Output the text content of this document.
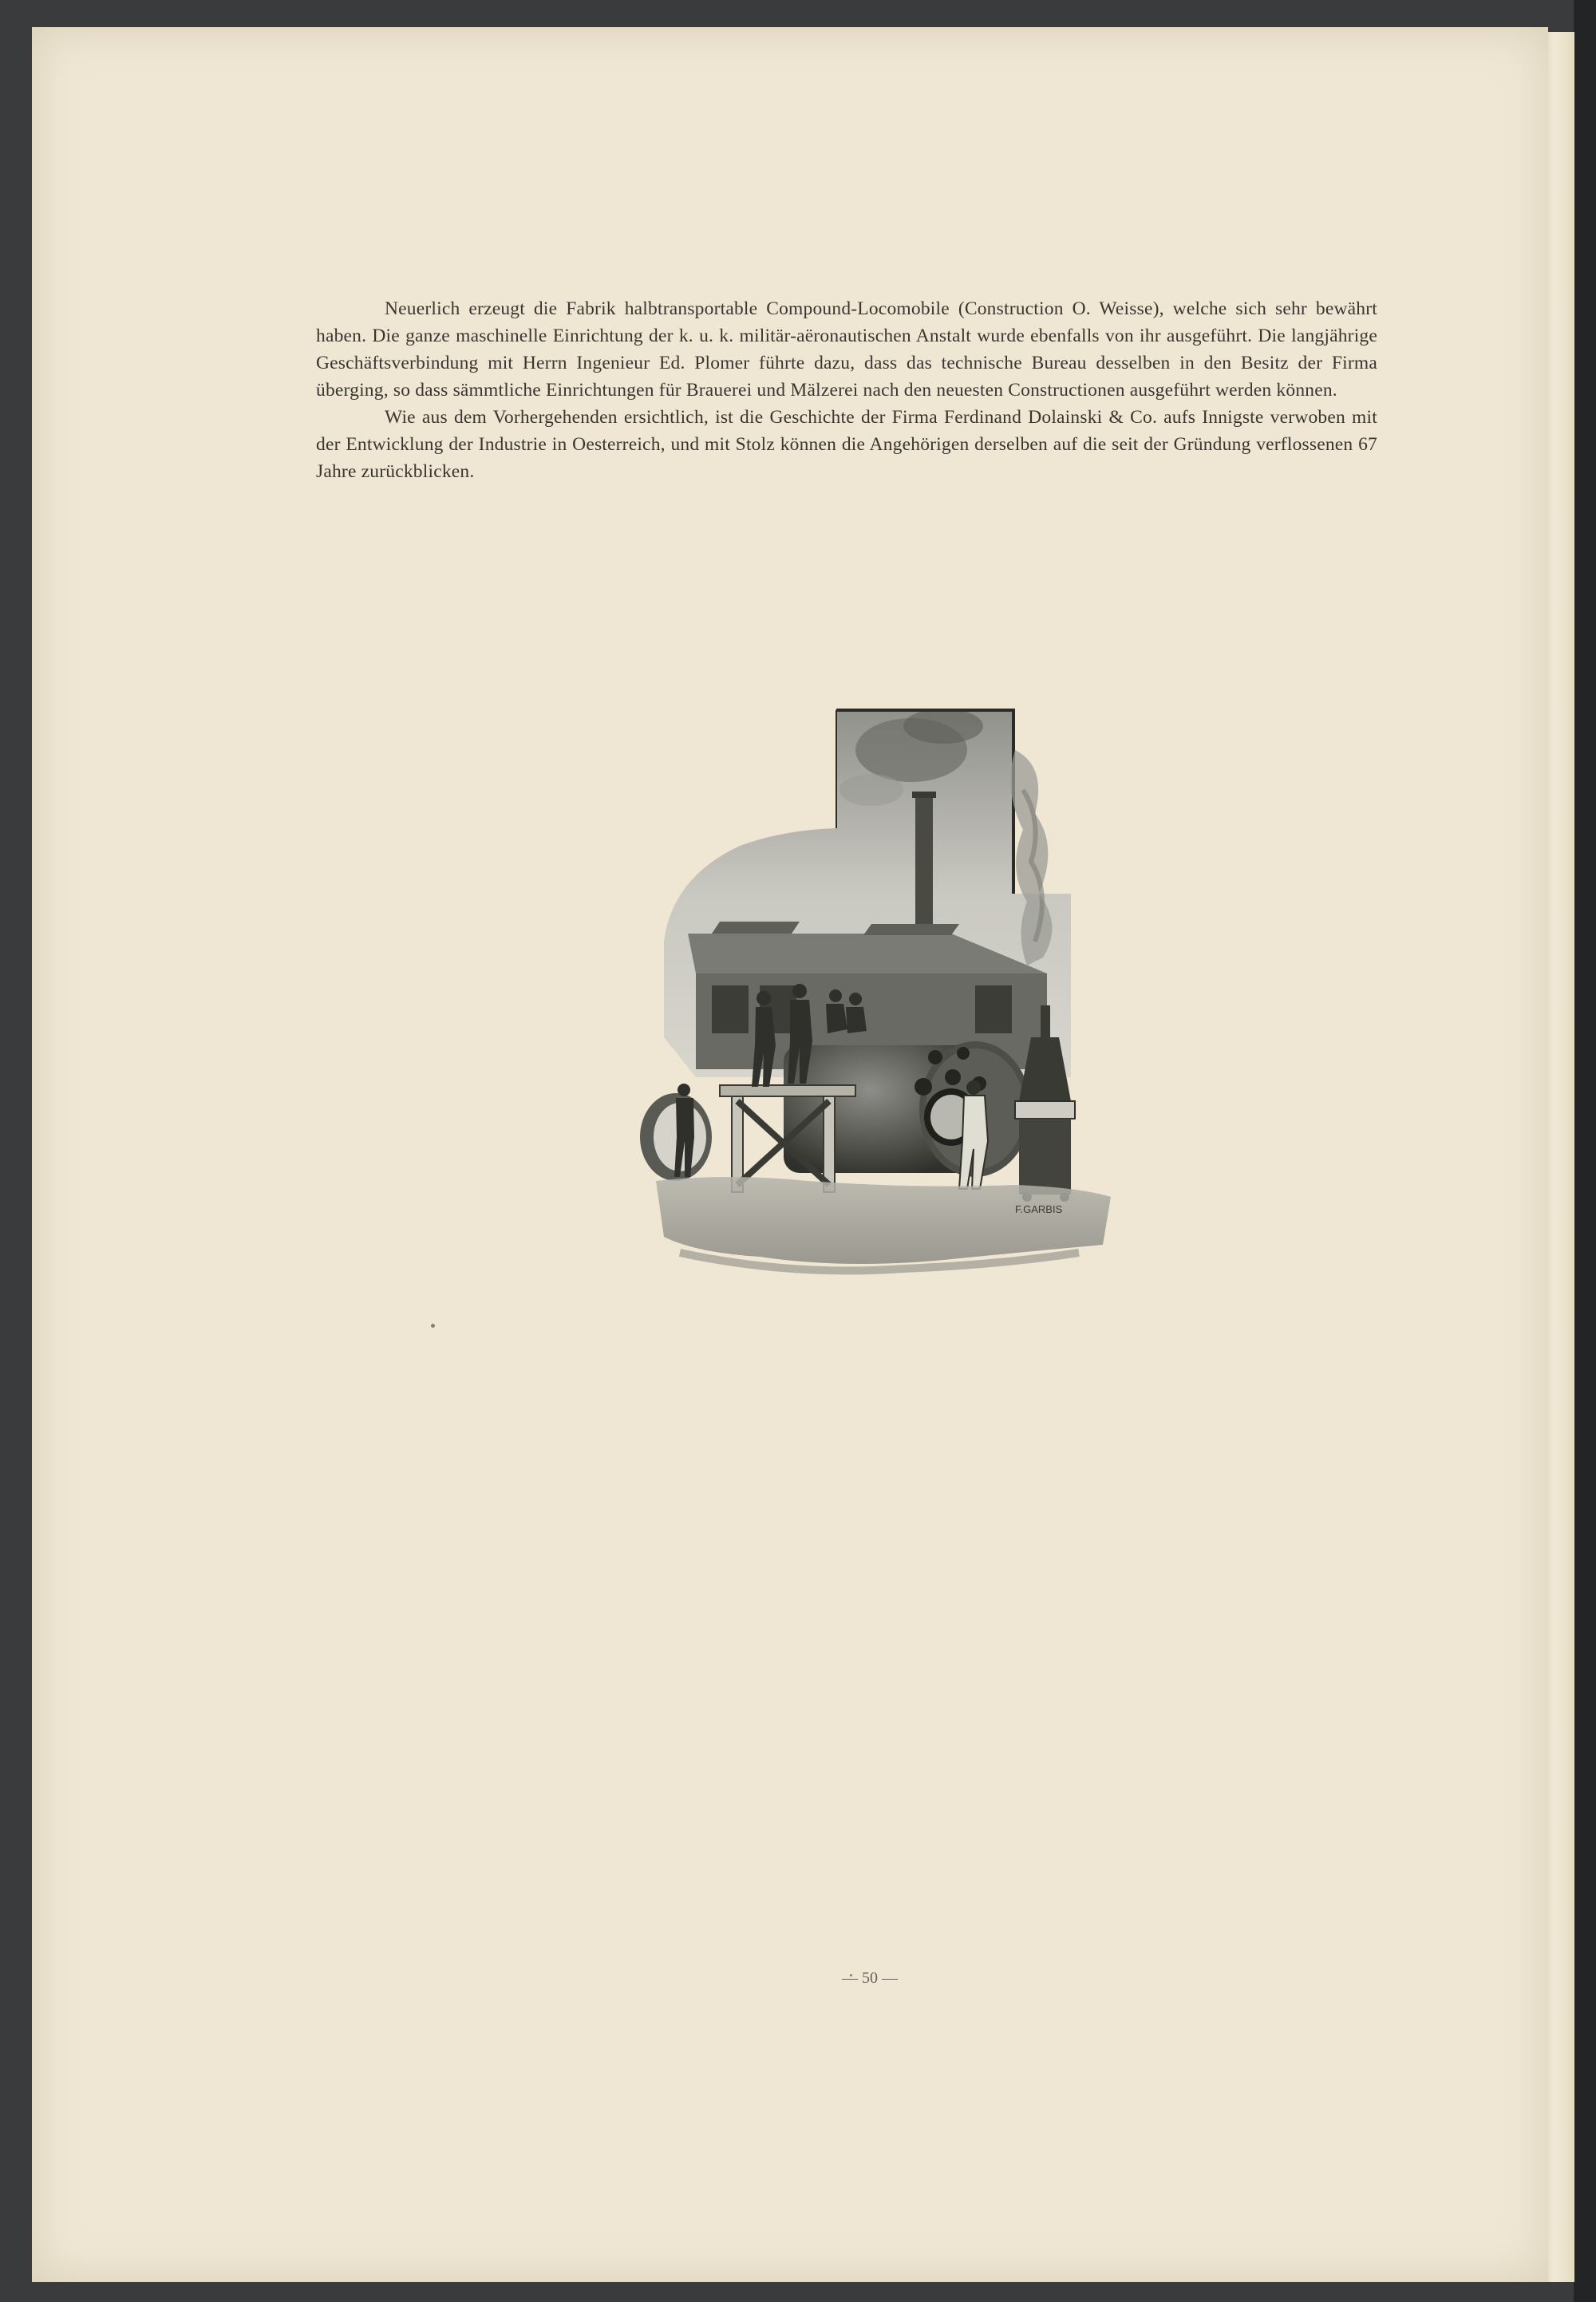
Neuerlich erzeugt die Fabrik halbtransportable Compound-Locomobile (Construction O. Weisse), welche sich sehr bewährt haben. Die ganze maschinelle Einrichtung der k. u. k. militär-aëronautischen Anstalt wurde ebenfalls von ihr ausgeführt. Die langjährige Geschäftsverbindung mit Herrn Ingenieur Ed. Plomer führte dazu, dass das technische Bureau desselben in den Besitz der Firma überging, so dass sämmtliche Einrichtungen für Brauerei und Mälzerei nach den neuesten Constructionen ausgeführt werden können.

Wie aus dem Vorhergehenden ersichtlich, ist die Geschichte der Firma Ferdinand Dolainski & Co. aufs Innigste verwoben mit der Entwicklung der Industrie in Oesterreich, und mit Stolz können die Angehörigen derselben auf die seit der Gründung verflossenen 67 Jahre zurückblicken.

F.GARBIS
— 50 —
